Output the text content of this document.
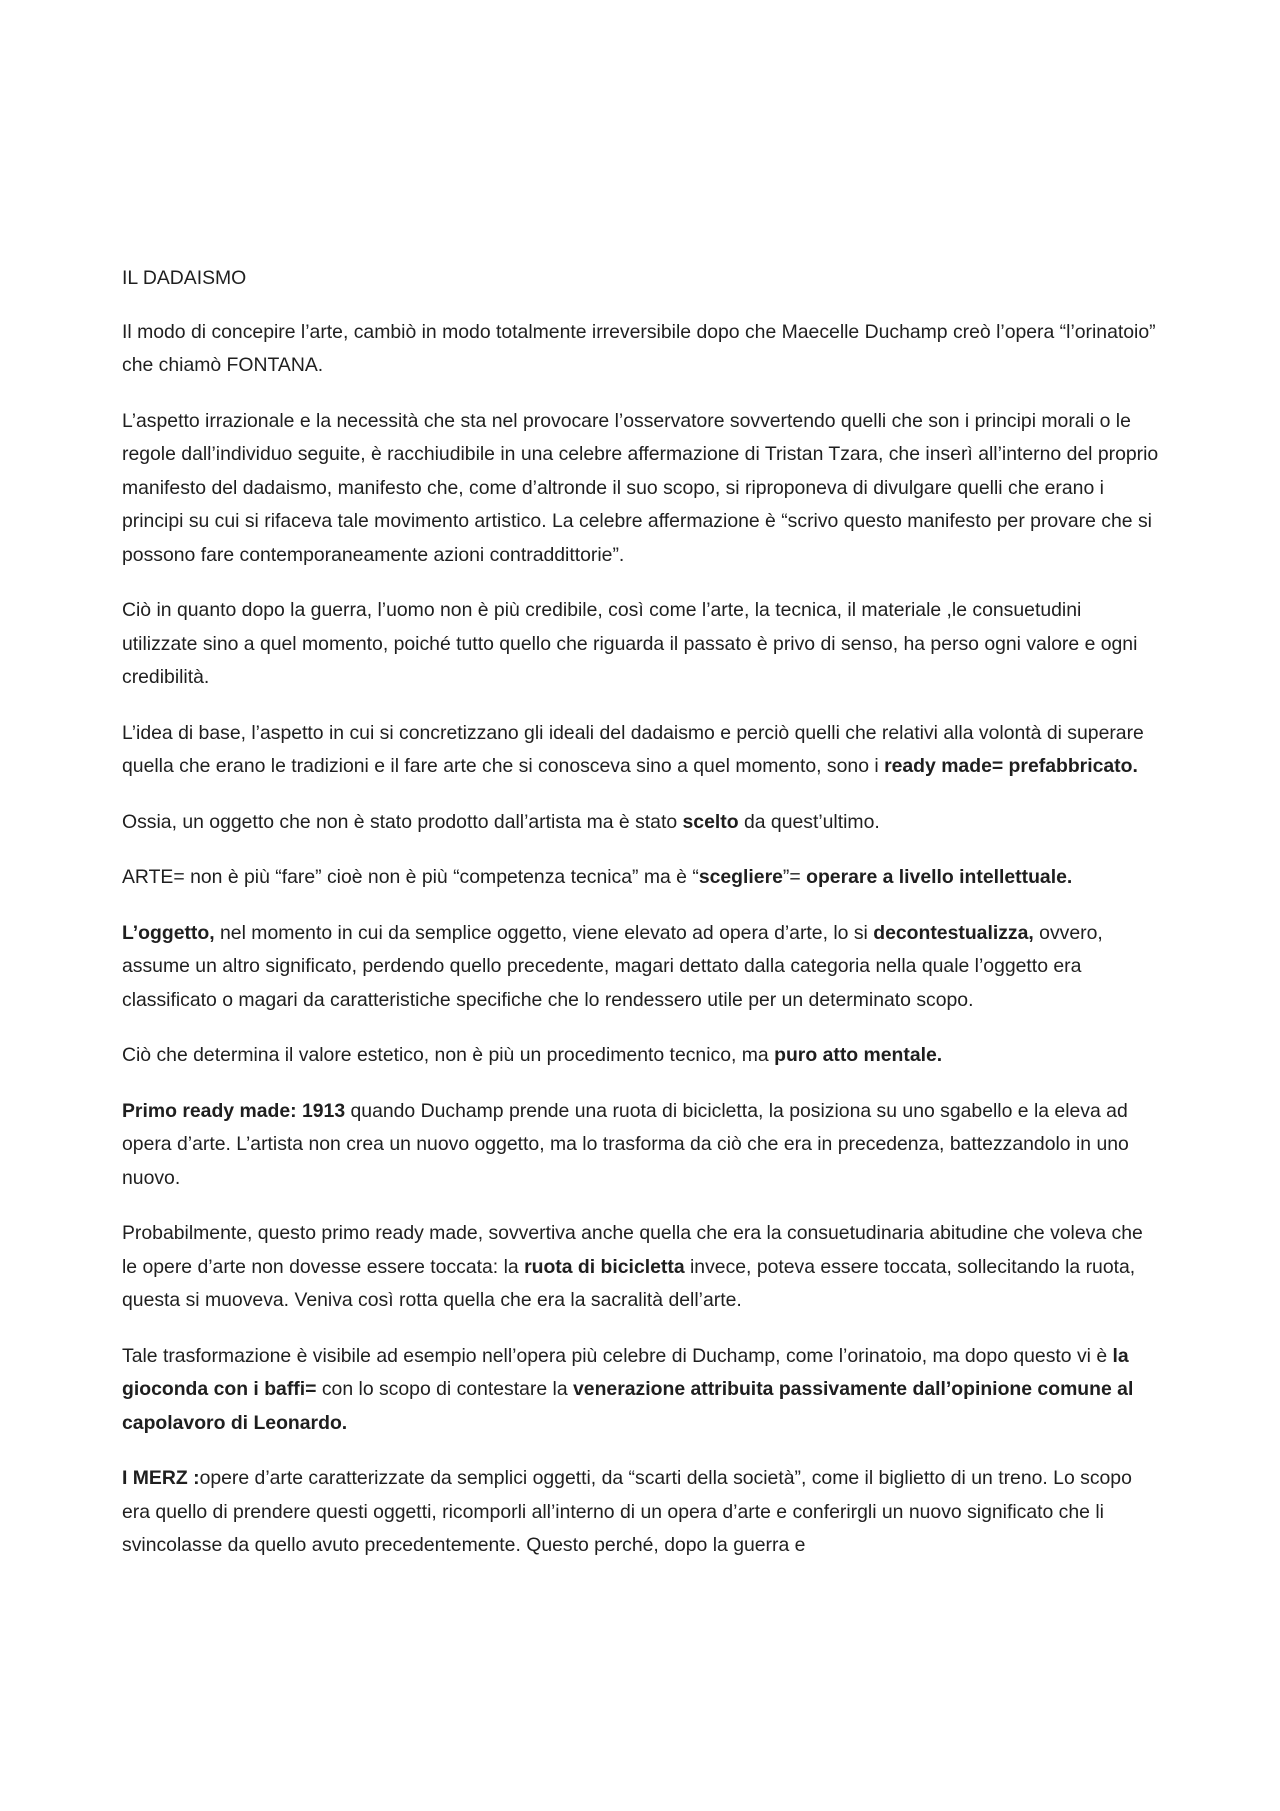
IL DADAISMO

Il modo di concepire l’arte, cambiò in modo totalmente irreversibile dopo che Maecelle Duchamp creò l’opera “l’orinatoio” che chiamò FONTANA.

L’aspetto irrazionale e la necessità che sta nel provocare l’osservatore sovvertendo quelli che son i principi morali o le regole dall’individuo seguite, è racchiudibile in una celebre affermazione di Tristan Tzara, che inserì all’interno del proprio manifesto del dadaismo, manifesto che, come d’altronde il suo scopo, si riproponeva di divulgare quelli che erano i principi su cui si rifaceva tale movimento artistico. La celebre affermazione è “scrivo questo manifesto per provare che si possono fare contemporaneamente azioni contraddittorie”.

Ciò in quanto dopo la guerra, l’uomo non è più credibile, così come l’arte, la tecnica, il materiale ,le consuetudini utilizzate sino a quel momento, poiché tutto quello che riguarda il passato è privo di senso, ha perso ogni valore e ogni credibilità.

L’idea di base, l’aspetto in cui si concretizzano gli ideali del dadaismo e perciò quelli che relativi alla volontà di superare quella che erano le tradizioni e il fare arte che si conosceva sino a quel momento, sono i ready made= prefabbricato.

Ossia, un oggetto che non è stato prodotto dall’artista ma è stato scelto da quest’ultimo.

ARTE= non è più “fare” cioè non è più “competenza tecnica” ma è “scegliere”= operare a livello intellettuale.

L’oggetto, nel momento in cui da semplice oggetto, viene elevato ad opera d’arte, lo si decontestualizza, ovvero, assume un altro significato, perdendo quello precedente, magari dettato dalla categoria nella quale l’oggetto era classificato o magari da caratteristiche specifiche che lo rendessero utile per un determinato scopo.

Ciò che determina il valore estetico, non è più un procedimento tecnico, ma puro atto mentale.

Primo ready made: 1913 quando Duchamp prende una ruota di bicicletta, la posiziona su uno sgabello e la eleva ad opera d’arte. L’artista non crea un nuovo oggetto, ma lo trasforma da ciò che era in precedenza, battezzandolo in uno nuovo.

Probabilmente, questo primo ready made, sovvertiva anche quella che era la consuetudinaria abitudine che voleva che le opere d’arte non dovesse essere toccata: la ruota di bicicletta invece, poteva essere toccata, sollecitando la ruota, questa si muoveva. Veniva così rotta quella che era la sacralità dell’arte.

Tale trasformazione è visibile ad esempio nell’opera più celebre di Duchamp, come l’orinatoio, ma dopo questo vi è la gioconda con i baffi= con lo scopo di contestare la venerazione attribuita passivamente dall’opinione comune al capolavoro di Leonardo.

I MERZ :opere d’arte caratterizzate da semplici oggetti, da “scarti della società”, come il biglietto di un treno. Lo scopo era quello di prendere questi oggetti, ricomporli all’interno di un opera d’arte e conferirgli un nuovo significato che li svincolasse da quello avuto precedentemente. Questo perché, dopo la guerra e
